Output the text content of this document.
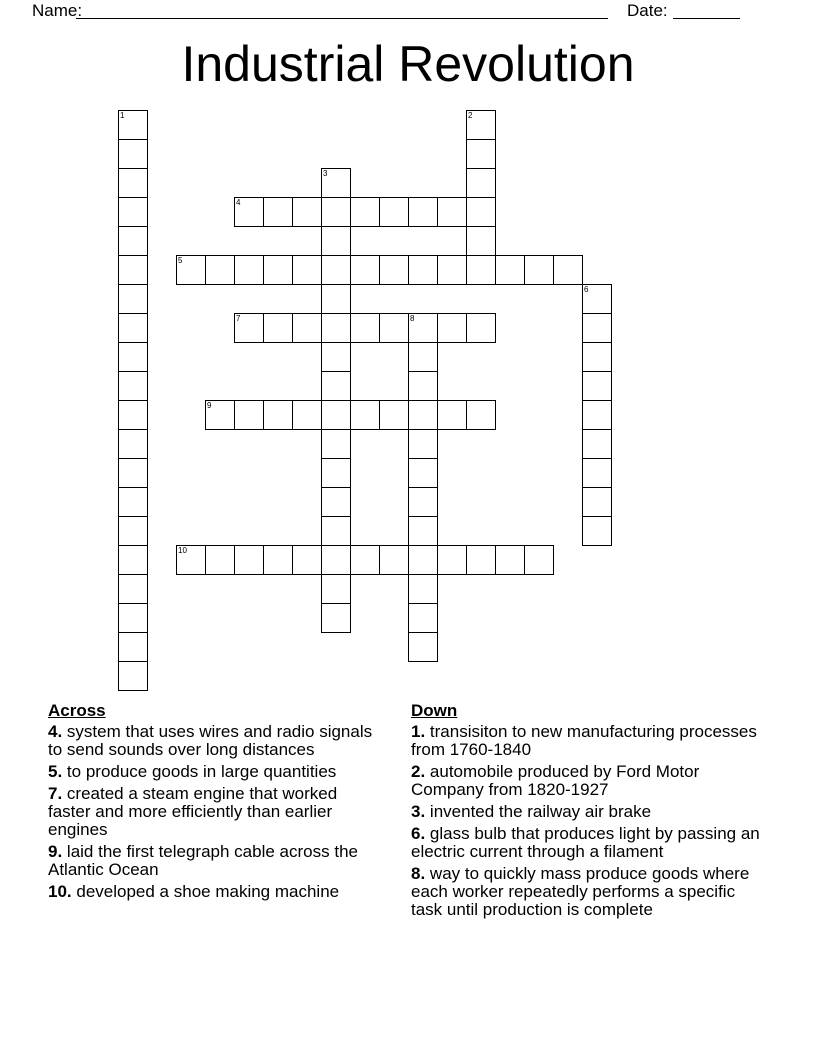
Name:	Date:
Industrial Revolution
1	2
3
4
5
6
7	8
9
10
Across
4. system that uses wires and radio signals to send sounds over long distances
5. to produce goods in large quantities
7. created a steam engine that worked faster and more efficiently than earlier engines
9. laid the first telegraph cable across the Atlantic Ocean
10. developed a shoe making machine
Down
1. transisiton to new manufacturing processes from 1760-1840
2. automobile produced by Ford Motor Company from 1820-1927
3. invented the railway air brake
6. glass bulb that produces light by passing an electric current through a filament
8. way to quickly mass produce goods where each worker repeatedly performs a specific task until production is complete
